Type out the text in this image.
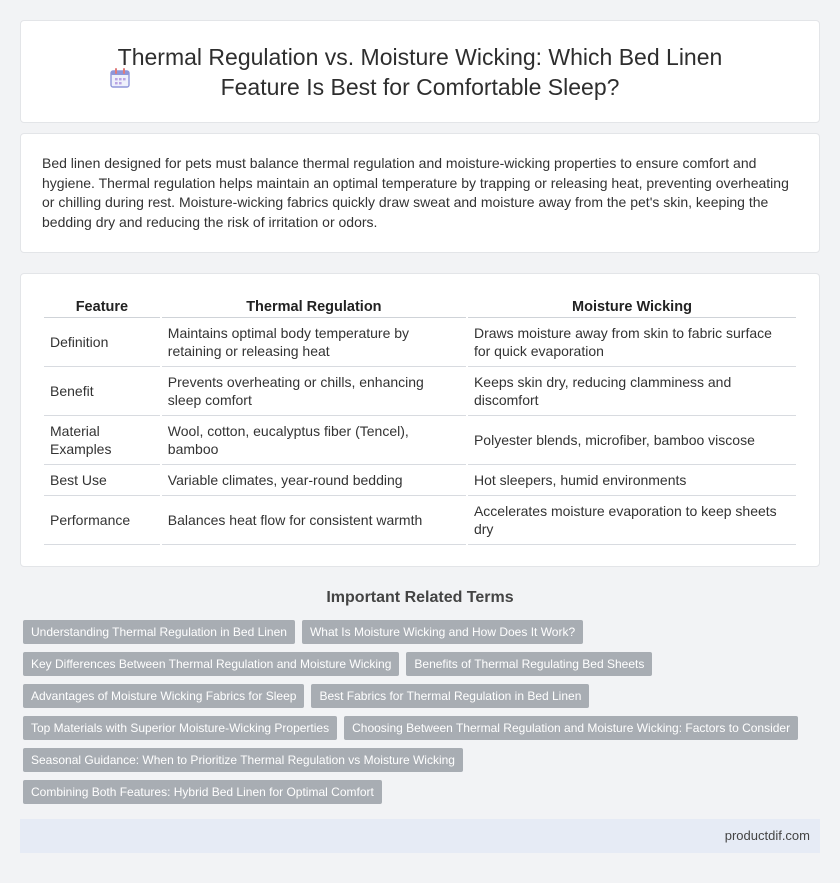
Thermal Regulation vs. Moisture Wicking: Which Bed Linen Feature Is Best for Comfortable Sleep?

Bed linen designed for pets must balance thermal regulation and moisture-wicking properties to ensure comfort and hygiene. Thermal regulation helps maintain an optimal temperature by trapping or releasing heat, preventing overheating or chilling during rest. Moisture-wicking fabrics quickly draw sweat and moisture away from the pet's skin, keeping the bedding dry and reducing the risk of irritation or odors.

Feature	Thermal Regulation	Moisture Wicking
Definition	Maintains optimal body temperature by retaining or releasing heat	Draws moisture away from skin to fabric surface for quick evaporation
Benefit	Prevents overheating or chills, enhancing sleep comfort	Keeps skin dry, reducing clamminess and discomfort
Material Examples	Wool, cotton, eucalyptus fiber (Tencel), bamboo	Polyester blends, microfiber, bamboo viscose
Best Use	Variable climates, year-round bedding	Hot sleepers, humid environments
Performance	Balances heat flow for consistent warmth	Accelerates moisture evaporation to keep sheets dry
Important Related Terms
Understanding Thermal Regulation in Bed Linen	What Is Moisture Wicking and How Does It Work?
Key Differences Between Thermal Regulation and Moisture Wicking	Benefits of Thermal Regulating Bed Sheets
Advantages of Moisture Wicking Fabrics for Sleep	Best Fabrics for Thermal Regulation in Bed Linen
Top Materials with Superior Moisture-Wicking Properties	Choosing Between Thermal Regulation and Moisture Wicking: Factors to Consider
Seasonal Guidance: When to Prioritize Thermal Regulation vs Moisture Wicking
Combining Both Features: Hybrid Bed Linen for Optimal Comfort
productdif.com
